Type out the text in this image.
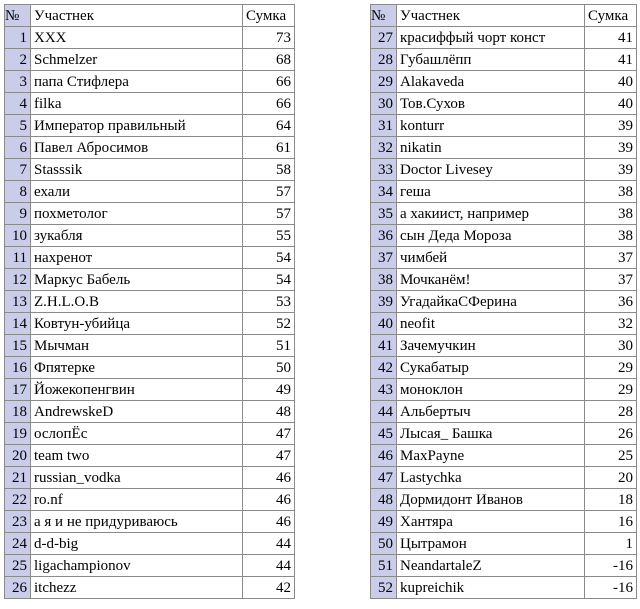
№	Участнек	Сумка
1	XXX	73
2	Schmelzer	68
3	папа Стифлера	66
4	filka	66
5	Император правильный	64
6	Павел Абросимов	61
7	Stasssik	58
8	ехали	57
9	похметолог	57
10	зукабля	55
11	нахренот	54
12	Маркус Бабель	54
13	Z.H.L.O.B	53
14	Ковтун-убийца	52
15	Мычман	51
16	Фпятерке	50
17	Йожекопенгвин	49
18	AndrewskeD	48
19	ослопЁс	47
20	team two	47
21	russian_vodka	46
22	ro.nf	46
23	а я и не придуриваюсь	46
24	d-d-big	44
25	ligachampionov	44
26	itchezz	42
№	Участнек	Сумка
27	красиффый чорт конст	41
28	Губашлёпп	41
29	Alakaveda	40
30	Тов.Сухов	40
31	konturr	39
32	nikatin	39
33	Doctor Livesey	39
34	геша	38
35	а хакиист, например	38
36	сын Деда Мороза	38
37	чимбей	37
38	Мочканём!	37
39	УгадайкаСФерина	36
40	neofit	32
41	Зачемучкин	30
42	Сукабатыр	29
43	моноклон	29
44	Альбертыч	28
45	Лысая_ Башка	26
46	MaxPayne	25
47	Lastychka	20
48	Дормидонт Иванов	18
49	Хантяра	16
50	Цытрамон	1
51	NeandartaleZ	-16
52	kupreichik	-16
